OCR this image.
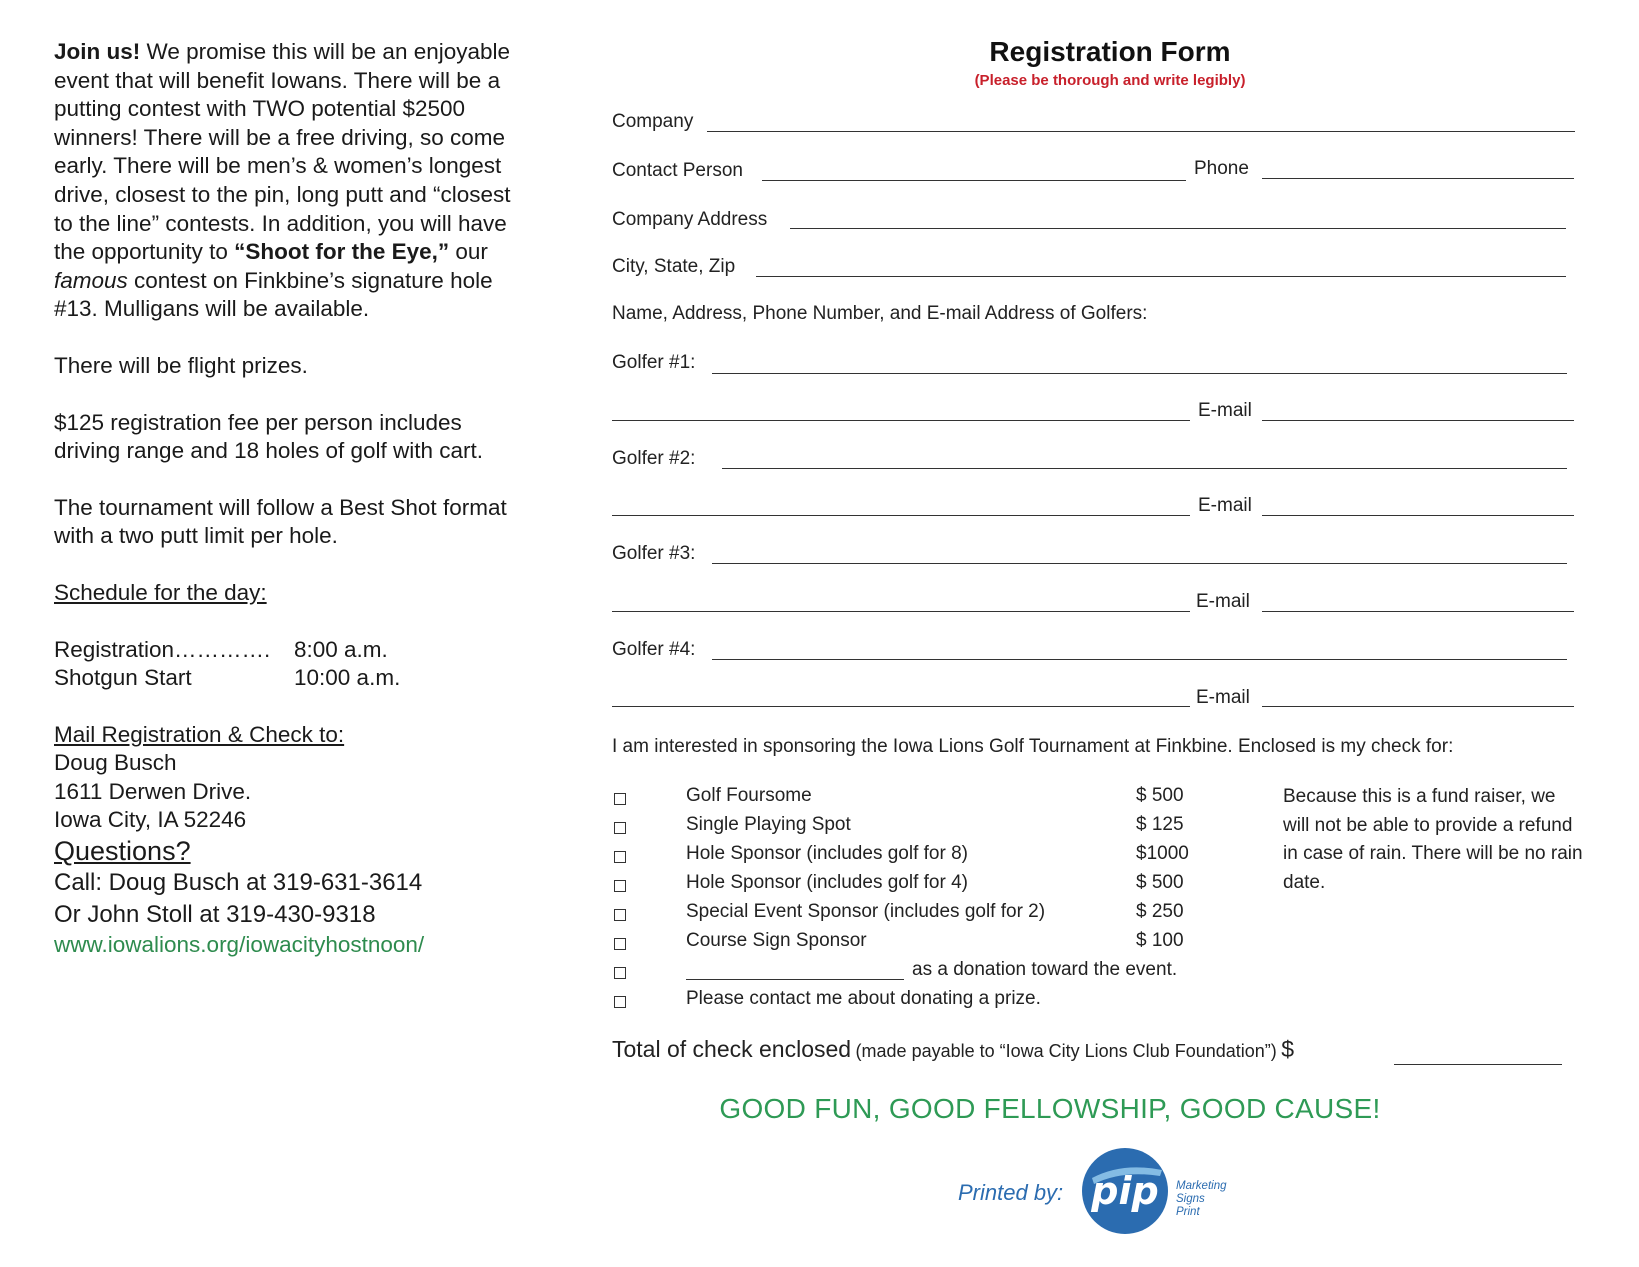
Join us! We promise this will be an enjoyable event that will benefit Iowans. There will be a putting contest with TWO potential $2500 winners! There will be a free driving, so come early. There will be men’s & women’s longest drive, closest to the pin, long putt and “closest to the line” contests. In addition, you will have the opportunity to “Shoot for the Eye,” our famous contest on Finkbine’s signature hole #13. Mulligans will be available.

There will be flight prizes.

$125 registration fee per person includes driving range and 18 holes of golf with cart.

The tournament will follow a Best Shot format with a two putt limit per hole.

Schedule for the day:

Registration………….	8:00 a.m.
Shotgun Start	10:00 a.m.

Mail Registration & Check to:

Doug Busch

1611 Derwen Drive.

Iowa City, IA 52246

Questions?

Call: Doug Busch at 319-631-3614

Or John Stoll at 319-430-9318

www.iowalions.org/iowacityhostnoon/

Registration Form
(Please be thorough and write legibly)
Company
Contact Person	Phone
Company Address
City, State, Zip
Name, Address, Phone Number, and E-mail Address of Golfers:
Golfer #1:
E-mail
Golfer #2:
E-mail
Golfer #3:
E-mail
Golfer #4:
E-mail
I am interested in sponsoring the Iowa Lions Golf Tournament at Finkbine. Enclosed is my check for:
Golf Foursome	$ 500
Single Playing Spot	$ 125
Hole Sponsor (includes golf for 8)	$1000
Hole Sponsor (includes golf for 4)	$ 500
Special Event Sponsor (includes golf for 2)	$ 250
Course Sign Sponsor	$ 100
as a donation toward the event.
Please contact me about donating a prize.
Because this is a fund raiser, we will not be able to provide a refund in case of rain. There will be no rain date.
Total of check enclosed (made payable to “Iowa City Lions Club Foundation”) $
GOOD FUN, GOOD FELLOWSHIP, GOOD CAUSE!
Printed by: pip Marketing
Signs
Print
